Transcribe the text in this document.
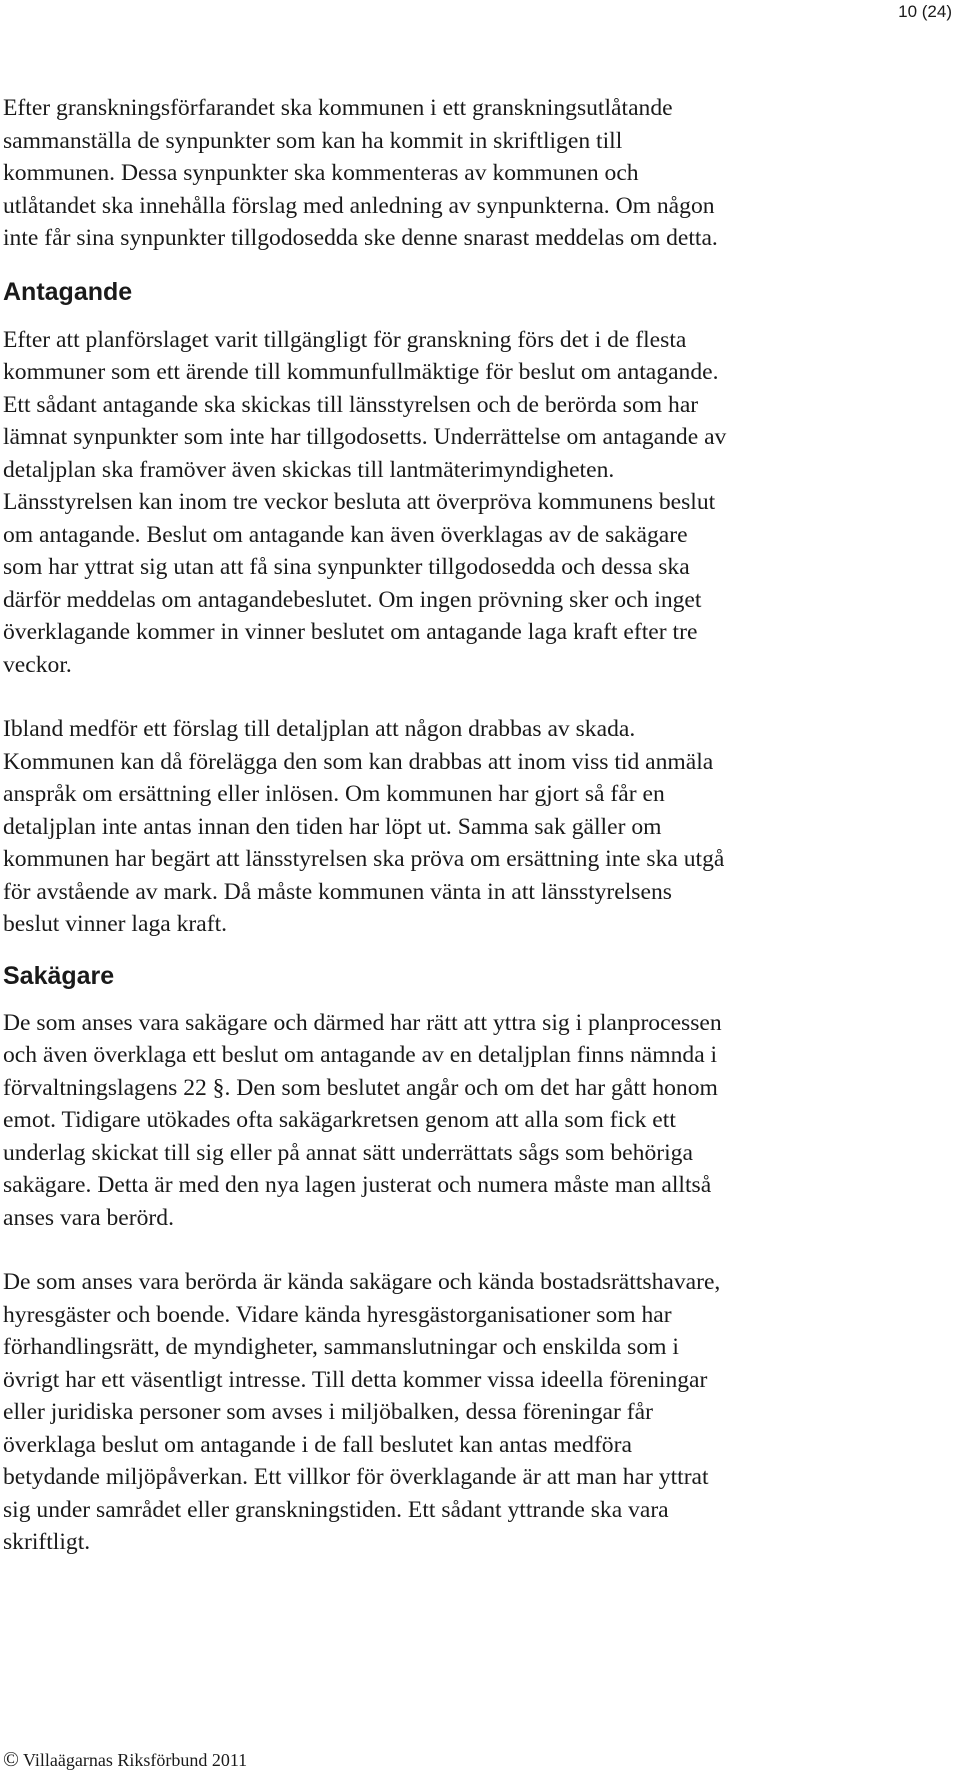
10 (24)

Efter granskningsförfarandet ska kommunen i ett granskningsutlåtande
sammanställa de synpunkter som kan ha kommit in skriftligen till
kommunen. Dessa synpunkter ska kommenteras av kommunen och
utlåtandet ska innehålla förslag med anledning av synpunkterna. Om någon
inte får sina synpunkter tillgodosedda ske denne snarast meddelas om detta.

Antagande

Efter att planförslaget varit tillgängligt för granskning förs det i de flesta
kommuner som ett ärende till kommunfullmäktige för beslut om antagande.
Ett sådant antagande ska skickas till länsstyrelsen och de berörda som har
lämnat synpunkter som inte har tillgodosetts. Underrättelse om antagande av
detaljplan ska framöver även skickas till lantmäterimyndigheten.
Länsstyrelsen kan inom tre veckor besluta att överpröva kommunens beslut
om antagande. Beslut om antagande kan även överklagas av de sakägare
som har yttrat sig utan att få sina synpunkter tillgodosedda och dessa ska
därför meddelas om antagandebeslutet. Om ingen prövning sker och inget
överklagande kommer in vinner beslutet om antagande laga kraft efter tre
veckor.

Ibland medför ett förslag till detaljplan att någon drabbas av skada.
Kommunen kan då förelägga den som kan drabbas att inom viss tid anmäla
anspråk om ersättning eller inlösen. Om kommunen har gjort så får en
detaljplan inte antas innan den tiden har löpt ut. Samma sak gäller om
kommunen har begärt att länsstyrelsen ska pröva om ersättning inte ska utgå
för avstående av mark. Då måste kommunen vänta in att länsstyrelsens
beslut vinner laga kraft.

Sakägare

De som anses vara sakägare och därmed har rätt att yttra sig i planprocessen
och även överklaga ett beslut om antagande av en detaljplan finns nämnda i
förvaltningslagens 22 §. Den som beslutet angår och om det har gått honom
emot. Tidigare utökades ofta sakägarkretsen genom att alla som fick ett
underlag skickat till sig eller på annat sätt underrättats sågs som behöriga
sakägare. Detta är med den nya lagen justerat och numera måste man alltså
anses vara berörd.

De som anses vara berörda är kända sakägare och kända bostadsrättshavare,
hyresgäster och boende. Vidare kända hyresgästorganisationer som har
förhandlingsrätt, de myndigheter, sammanslutningar och enskilda som i
övrigt har ett väsentligt intresse. Till detta kommer vissa ideella föreningar
eller juridiska personer som avses i miljöbalken, dessa föreningar får
överklaga beslut om antagande i de fall beslutet kan antas medföra
betydande miljöpåverkan. Ett villkor för överklagande är att man har yttrat
sig under samrådet eller granskningstiden. Ett sådant yttrande ska vara
skriftligt.

© Villaägarnas Riksförbund 2011
